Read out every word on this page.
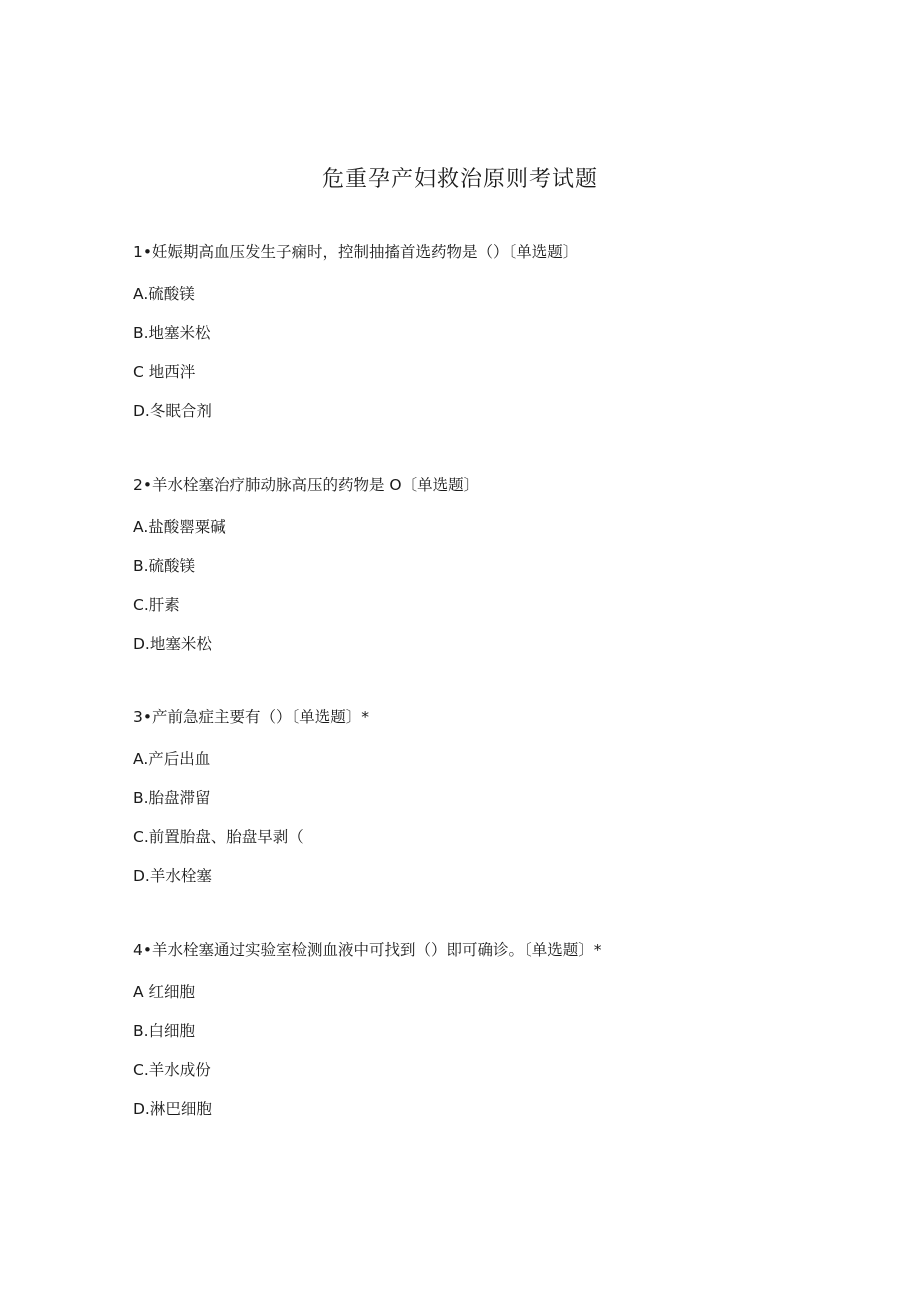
危重孕产妇救治原则考试题

1•妊娠期高血压发生子痫时，控制抽搐首选药物是（）〔单选题〕

A.硫酸镁
B.地塞米松
C 地西泮
D.冬眠合剂

2•羊水栓塞治疗肺动脉高压的药物是 O〔单选题〕

A.盐酸罂粟碱
B.硫酸镁
C.肝素
D.地塞米松

3•产前急症主要有（）〔单选题〕*

A.产后出血
B.胎盘滞留
C.前置胎盘、胎盘早剥（
D.羊水栓塞

4•羊水栓塞通过实验室检测血液中可找到（）即可确诊。〔单选题〕*

A 红细胞
B.白细胞
C.羊水成份
D.淋巴细胞
